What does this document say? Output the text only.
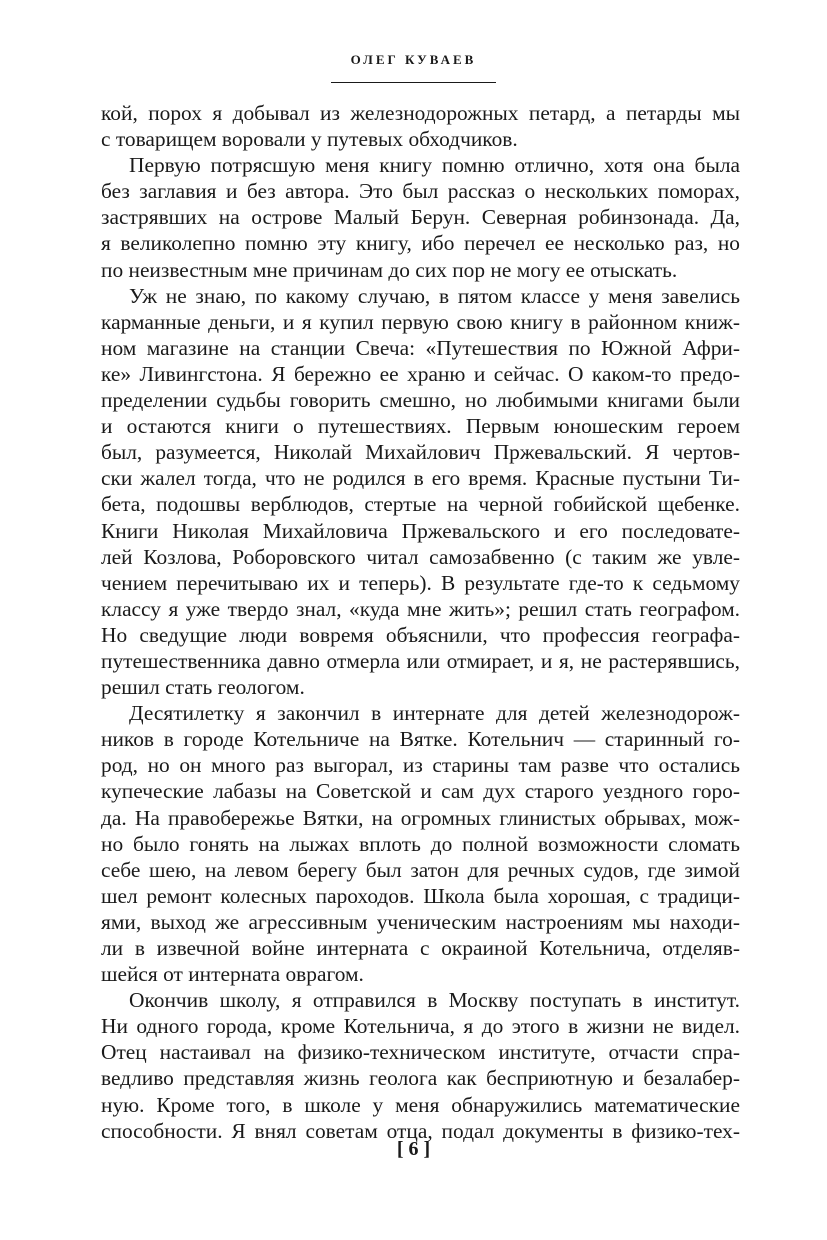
ОЛЕГ КУВАЕВ
кой, порох я добывал из железнодорожных петард, а петарды мы
с товарищем воровали у путевых обходчиков.
Первую потрясшую меня книгу помню отлично, хотя она была
без заглавия и без автора. Это был рассказ о нескольких поморах,
застрявших на острове Малый Берун. Северная робинзонада. Да,
я великолепно помню эту книгу, ибо перечел ее несколько раз, но
по неизвестным мне причинам до сих пор не могу ее отыскать.
Уж не знаю, по какому случаю, в пятом классе у меня завелись
карманные деньги, и я купил первую свою книгу в районном книж-
ном магазине на станции Свеча: «Путешествия по Южной Афри-
ке» Ливингстона. Я бережно ее храню и сейчас. О каком-то предо-
пределении судьбы говорить смешно, но любимыми книгами были
и остаются книги о путешествиях. Первым юношеским героем
был, разумеется, Николай Михайлович Пржевальский. Я чертов-
ски жалел тогда, что не родился в его время. Красные пустыни Ти-
бета, подошвы верблюдов, стертые на черной гобийской щебенке.
Книги Николая Михайловича Пржевальского и его последовате-
лей Козлова, Роборовского читал самозабвенно (с таким же увле-
чением перечитываю их и теперь). В результате где-то к седьмому
классу я уже твердо знал, «куда мне жить»; решил стать географом.
Но сведущие люди вовремя объяснили, что профессия географа-
путешественника давно отмерла или отмирает, и я, не растерявшись,
решил стать геологом.
Десятилетку я закончил в интернате для детей железнодорож-
ников в городе Котельниче на Вятке. Котельнич — старинный го-
род, но он много раз выгорал, из старины там разве что остались
купеческие лабазы на Советской и сам дух старого уездного горо-
да. На правобережье Вятки, на огромных глинистых обрывах, мож-
но было гонять на лыжах вплоть до полной возможности сломать
себе шею, на левом берегу был затон для речных судов, где зимой
шел ремонт колесных пароходов. Школа была хорошая, с традици-
ями, выход же агрессивным ученическим настроениям мы находи-
ли в извечной войне интерната с окраиной Котельнича, отделяв-
шейся от интерната оврагом.
Окончив школу, я отправился в Москву поступать в институт.
Ни одного города, кроме Котельнича, я до этого в жизни не видел.
Отец настаивал на физико-техническом институте, отчасти спра-
ведливо представляя жизнь геолога как бесприютную и безалабер-
ную. Кроме того, в школе у меня обнаружились математические
способности. Я внял советам отца, подал документы в физико-тех-
[ 6 ]
